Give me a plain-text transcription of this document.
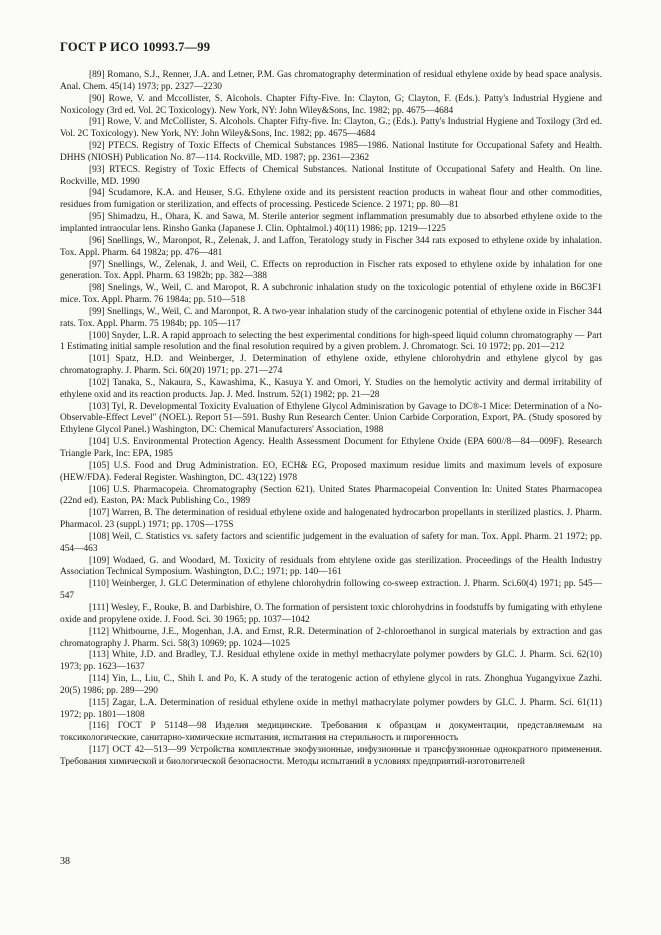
ГОСТ Р ИСО 10993.7—99

[89] Romano, S.J., Renner, J.A. and Letner, P.M. Gas chromatography determination of residual ethylene oxide by head space analysis. Anal. Chem. 45(14) 1973; pp. 2327—2230

[90] Rowe, V. and Mccollister, S. Alcohols. Chapter Fifty-Five. In: Clayton, G; Clayton, F. (Eds.). Patty's Industrial Hygiene and Noxicology (3rd ed. Vol. 2C Toxicology). New York, NY: John Wiley&Sons, Inc. 1982; pp. 4675—4684

[91] Rowe, V. and McCollister, S. Alcohols. Chapter Fifty-five. In: Clayton, G.; (Eds.). Patty's Industrial Hygiene and Toxilogy (3rd ed. Vol. 2C Toxicology). New York, NY: John Wiley&Sons, Inc. 1982; pp. 4675—4684

[92] PTECS. Registry of Toxic Effects of Chemical Substances 1985—1986. National Institute for Occupational Safety and Health. DHHS (NIOSH) Publication No. 87—114. Rockville, MD. 1987; pp. 2361—2362

[93] RTECS. Registry of Toxic Effects of Chemical Substances. National Institute of Occupational Safety and Health. On line. Rockville, MD. 1990

[94] Scudamore, K.A. and Heuser, S.G. Ethylene oxide and its persistent reaction products in waheat flour and other commodities, residues from fumigation or sterilization, and effects of processing. Pesticede Science. 2 1971; pp. 80—81

[95] Shimadzu, H., Ohara, K. and Sawa, M. Sterile anterior segment inflammation presumably due to absorbed ethylene oxide to the implanted intraocular lens. Rinsho Ganka (Japanese J. Clin. Ophtalmol.) 40(11) 1986; pp. 1219—1225

[96] Snellings, W., Maronpot, R., Zelenak, J. and Laffon, Teratology study in Fischer 344 rats exposed to ethylene oxide by inhalation. Tox. Appl. Pharm. 64 1982a; pp. 476—481

[97] Snellings, W., Zelenak, J. and Weil, C. Effects on reproduction in Fischer rats exposed to ethylene oxide by inhalation for one generation. Tox. Appl. Pharm. 63 1982b; pp. 382—388

[98] Snelings, W., Weil, C. and Maropot, R. A subchronic inhalation study on the toxicologic potential of ethylene oxide in B6C3F1 mice. Tox. Appl. Pharm. 76 1984a; pp. 510—518

[99] Snellings, W., Weil, C. and Maronpot, R. A two-year inhalation study of the carcinogenic potential of ethylene oxide in Fischer 344 rats. Tox. Appl. Pharm. 75 1984b; pp. 105—117

[100] Snyder, L.R. A rapid approach to selecting the best experimental conditions for high-speed liquid column chromatography — Part 1 Estimating initial sample resolution and the final resolution required by a given problem. J. Chromatogr. Sci. 10 1972; pp. 201—212

[101] Spatz, H.D. and Weinberger, J. Determination of ethylene oxide, ethylene chlorohydrin and ethylene glycol by gas chromatography. J. Pharm. Sci. 60(20) 1971; pp. 271—274

[102] Tanaka, S., Nakaura, S., Kawashima, K., Kasuya Y. and Omori, Y. Studies on the hemolytic activity and dermal irritability of ethylene oxid and its reaction products. Jap. J. Med. Instrum. 52(1) 1982; pp. 21—28

[103] Tyl, R. Developmental Toxicity Evaluation of Ethylene Glycol Adminisration by Gavage to DC®-1 Mice: Determination of a No-Observable-Effect Level" (NOEL). Report 51—591. Bushy Run Research Center. Union Carbide Corporation, Export, PA. (Study sposored by Ethylene Glycol Panel.) Washington, DC: Chemical Manufacturers' Association, 1988

[104] U.S. Environmental Protection Agency. Health Assessment Document for Ethylene Oxide (EPA 600//8—84—009F). Research Triangle Park, Inc: EPA, 1985

[105] U.S. Food and Drug Administration. EO, ECH& EG, Proposed maximum residue limits and maximum levels of exposure (HEW/FDA). Federal Register. Washington, DC. 43(122) 1978

[106] U.S. Pharmacopeia. Chromatography (Section 621). United States Pharmacopeial Convention In: United States Pharmacopea (22nd ed). Easton, PA: Mack Publishing Co., 1989

[107] Warren, B. The determination of residual ethylene oxide and halogenated hydrocarbon propellants in sterilized plastics. J. Pharm. Pharmacol. 23 (suppl.) 1971; pp. 170S—175S

[108] Weil, C. Statistics vs. safety factors and scientific judgement in the evaluation of safety for man. Tox. Appl. Pharm. 21 1972; pp. 454—463

[109] Wodaed, G. and Woodard, M. Toxicity of residuals from ehtylene oxide gas sterilization. Proceedings of the Health Industry Association Technical Symposium. Washington, D.C.; 1971; pp. 140—161

[110] Weinberger, J. GLC Determination of ethylene chlorohydrin following co-sweep extraction. J. Pharm. Sci.60(4) 1971; pp. 545—547

[111] Wesley, F., Rouke, B. and Darbishire, O. The formation of persistent toxic chlorohydrins in foodstuffs by fumigating with ethylene oxide and propylene oxide. J. Food. Sci. 30 1965; pp. 1037—1042

[112] Whitbourne, J.E., Mogenhan, J.A. and Ernst, R.R. Determination of 2-chloroethanol in surgical materials by extraction and gas chromatography J. Pharm. Sci. 58(3) 10969; pp. 1024—1025

[113] White, J.D. and Bradley, T.J. Residual ethylene oxide in methyl methacrylate polymer powders by GLC. J. Pharm. Sci. 62(10) 1973; pp. 1623—1637

[114] Yin, L., Liu, C., Shih I. and Po, K. A study of the teratogenic action of ethylene glycol in rats. Zhonghua Yugangyixue Zazhi. 20(5) 1986; pp. 289—290

[115] Zagar, L.A. Determination of residual ethylene oxide in methyl mathacrylate polymer powders by GLC. J. Pharm. Sci. 61(11) 1972; pp. 1801—1808

[116] ГОСТ Р 51148—98 Изделия медицинские. Требования к образцам и документации, представляемым на токсикологические, санитарно-химические испытания, испытания на стерильность и пирогенность

[117] ОСТ 42—513—99 Устройства комплектные экофузионные, инфузионные и трансфузионные однократного применения. Требования химической и биологической безопасности. Методы испытаний в условиях предприятий-изготовителей

38
